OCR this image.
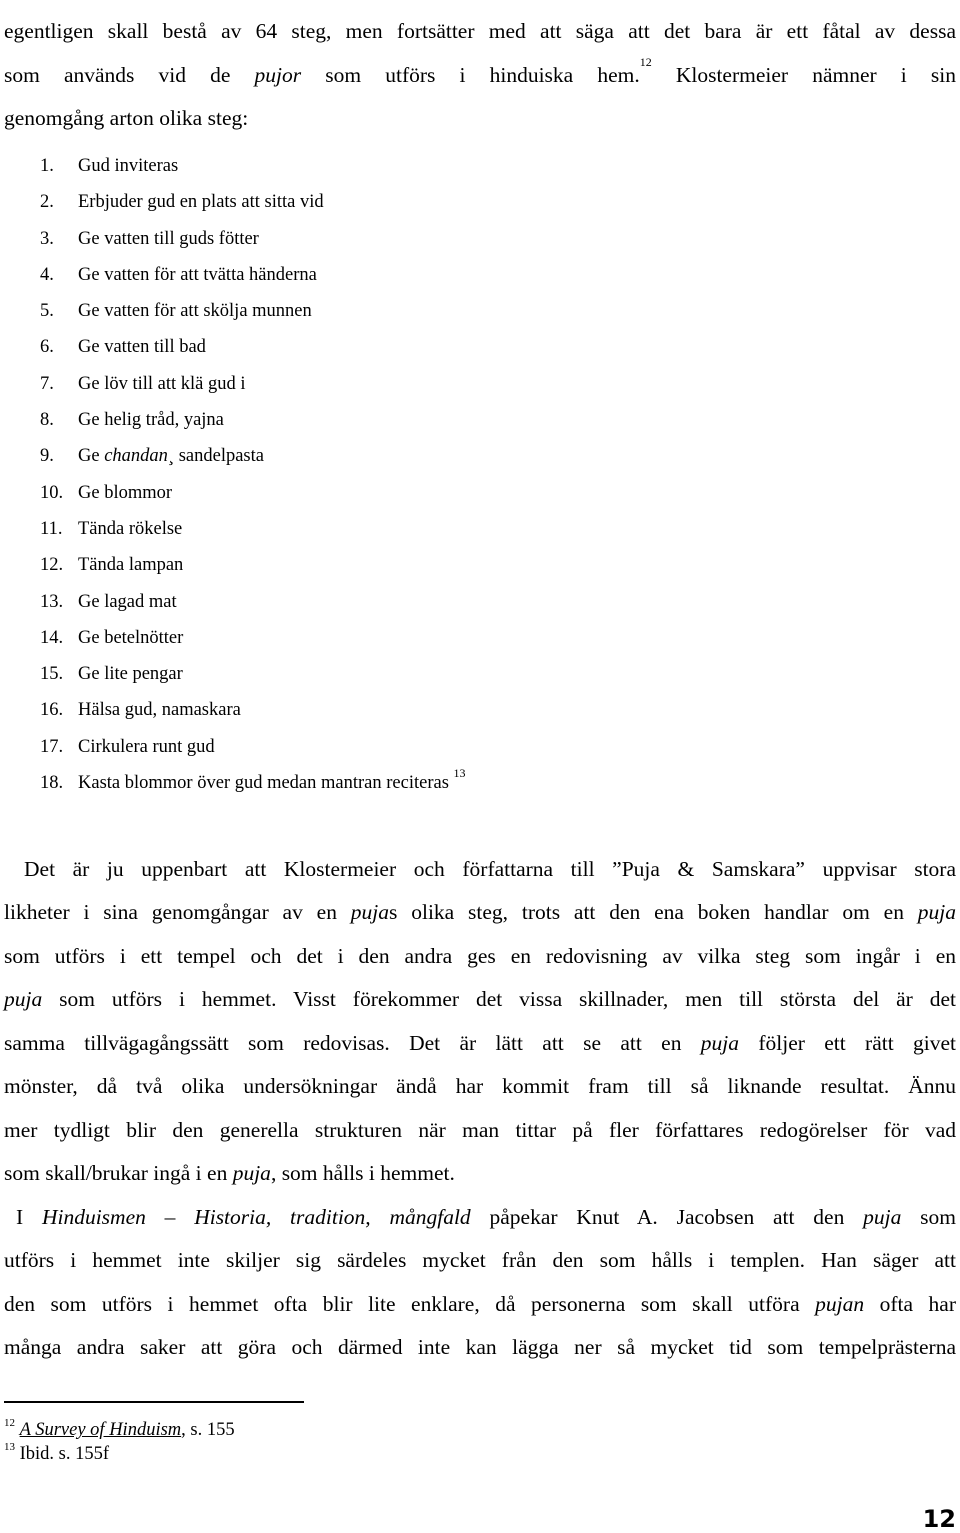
egentligen skall bestå av 64 steg, men fortsätter med att säga att det bara är ett fåtal av dessa
som används vid de pujor som utförs i hinduiska hem.$^{12}$ Klostermeier nämner i sin
genomgång arton olika steg:
1. Gud inviteras
2. Erbjuder gud en plats att sitta vid
3. Ge vatten till guds fötter
4. Ge vatten för att tvätta händerna
5. Ge vatten för att skölja munnen
6. Ge vatten till bad
7. Ge löv till att klä gud i
8. Ge helig tråd, yajna
9. Ge chandan¸ sandelpasta
10. Ge blommor
11. Tända rökelse
12. Tända lampan
13. Ge lagad mat
14. Ge betelnötter
15. Ge lite pengar
16. Hälsa gud, namaskara
17. Cirkulera runt gud
18. Kasta blommor över gud medan mantran reciteras $^{13}$
Det är ju uppenbart att Klostermeier och författarna till ”Puja & Samskara” uppvisar stora
likheter i sina genomgångar av en pujas olika steg, trots att den ena boken handlar om en puja
som utförs i ett tempel och det i den andra ges en redovisning av vilka steg som ingår i en
puja som utförs i hemmet. Visst förekommer det vissa skillnader, men till största del är det
samma tillvägagångssätt som redovisas. Det är lätt att se att en puja följer ett rätt givet
mönster, då två olika undersökningar ändå har kommit fram till så liknande resultat. Ännu
mer tydligt blir den generella strukturen när man tittar på fler författares redogörelser för vad
som skall/brukar ingå i en puja, som hålls i hemmet.
I Hinduismen – Historia, tradition, mångfald påpekar Knut A. Jacobsen att den puja som
utförs i hemmet inte skiljer sig särdeles mycket från den som hålls i templen. Han säger att
den som utförs i hemmet ofta blir lite enklare, då personerna som skall utföra pujan ofta har
många andra saker att göra och därmed inte kan lägga ner så mycket tid som tempelprästerna
$^{12}$ A Survey of Hinduism, s. 155
$^{13}$ Ibid. s. 155f
12
